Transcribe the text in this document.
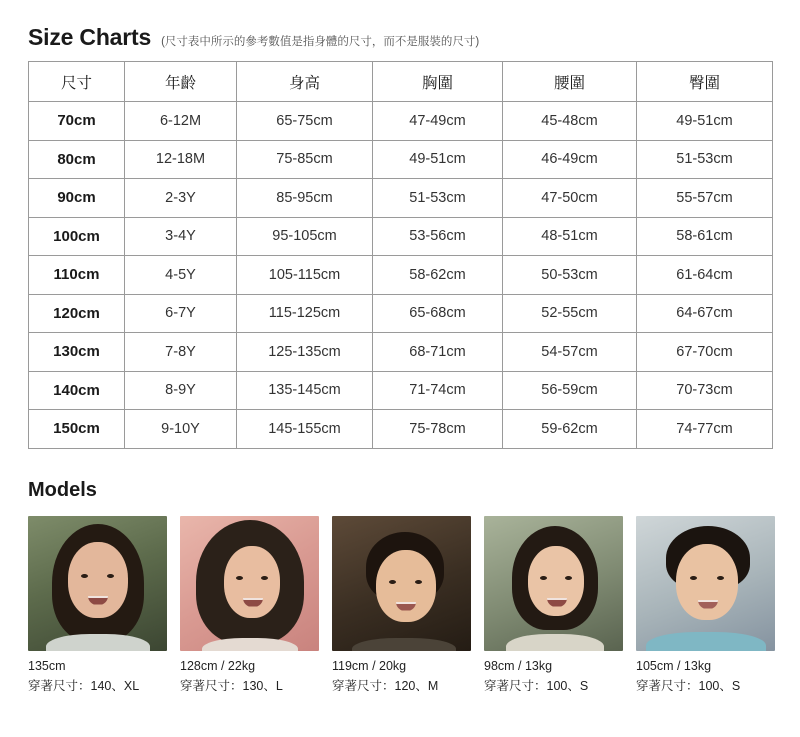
Size Charts (尺寸表中所示的參考數值是指身體的尺寸，而不是服裝的尺寸)
尺寸	年齡	身高	胸圍	腰圍	臀圍
70cm	6-12M	65-75cm	47-49cm	45-48cm	49-51cm
80cm	12-18M	75-85cm	49-51cm	46-49cm	51-53cm
90cm	2-3Y	85-95cm	51-53cm	47-50cm	55-57cm
100cm	3-4Y	95-105cm	53-56cm	48-51cm	58-61cm
110cm	4-5Y	105-115cm	58-62cm	50-53cm	61-64cm
120cm	6-7Y	115-125cm	65-68cm	52-55cm	64-67cm
130cm	7-8Y	125-135cm	68-71cm	54-57cm	67-70cm
140cm	8-9Y	135-145cm	71-74cm	56-59cm	70-73cm
150cm	9-10Y	145-155cm	75-78cm	59-62cm	74-77cm
Models
135cm
穿著尺寸：140、XL
128cm / 22kg
穿著尺寸：130、L
119cm / 20kg
穿著尺寸：120、M
98cm / 13kg
穿著尺寸：100、S
105cm / 13kg
穿著尺寸：100、S
